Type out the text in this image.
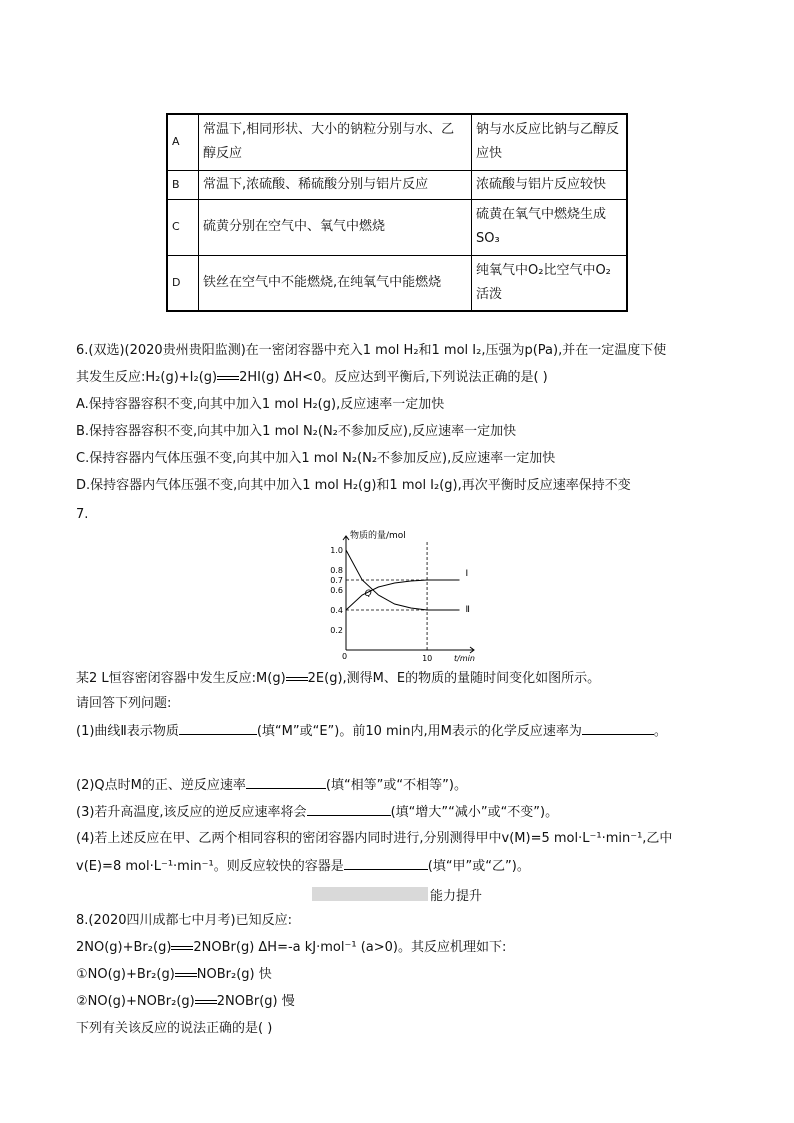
A	常温下,相同形状、大小的钠粒分别与水、乙醇反应	钠与水反应比钠与乙醇反应快
B	常温下,浓硫酸、稀硫酸分别与铝片反应	浓硫酸与铝片反应较快
C	硫黄分别在空气中、氧气中燃烧	硫黄在氧气中燃烧生成SO₃
D	铁丝在空气中不能燃烧,在纯氧气中能燃烧	纯氧气中O₂比空气中O₂活泼
6.(双选)(2020贵州贵阳监测)在一密闭容器中充入1 mol H₂和1 mol I₂,压强为p(Pa),并在一定温度下使
其发生反应:H₂(g)+I₂(g) 2HI(g) ΔH<0。反应达到平衡后,下列说法正确的是( )
A.保持容器容积不变,向其中加入1 mol H₂(g),反应速率一定加快
B.保持容器容积不变,向其中加入1 mol N₂(N₂不参加反应),反应速率一定加快
C.保持容器内气体压强不变,向其中加入1 mol N₂(N₂不参加反应),反应速率一定加快
D.保持容器内气体压强不变,向其中加入1 mol H₂(g)和1 mol I₂(g),再次平衡时反应速率保持不变
7.
物质的量/mol
t/min
0
1.0
0.8
0.7
0.6
0.4
0.2
10
Ⅰ
Ⅱ
Q
某2 L恒容密闭容器中发生反应:M(g) 2E(g),测得M、E的物质的量随时间变化如图所示。
请回答下列问题:
(1)曲线Ⅱ表示物质	(填“M”或“E”)。前10 min内,用M表示的化学反应速率为	。
(2)Q点时M的正、逆反应速率	(填“相等”或“不相等”)。
(3)若升高温度,该反应的逆反应速率将会	(填“增大”“减小”或“不变”)。
(4)若上述反应在甲、乙两个相同容积的密闭容器内同时进行,分别测得甲中v(M)=5 mol·L⁻¹·min⁻¹,乙中
v(E)=8 mol·L⁻¹·min⁻¹。则反应较快的容器是	(填“甲”或“乙”)。
能力提升
8.(2020四川成都七中月考)已知反应:
2NO(g)+Br₂(g) 2NOBr(g) ΔH=-a kJ·mol⁻¹ (a>0)。其反应机理如下:
①NO(g)+Br₂(g) NOBr₂(g) 快
②NO(g)+NOBr₂(g) 2NOBr(g) 慢
下列有关该反应的说法正确的是( )
